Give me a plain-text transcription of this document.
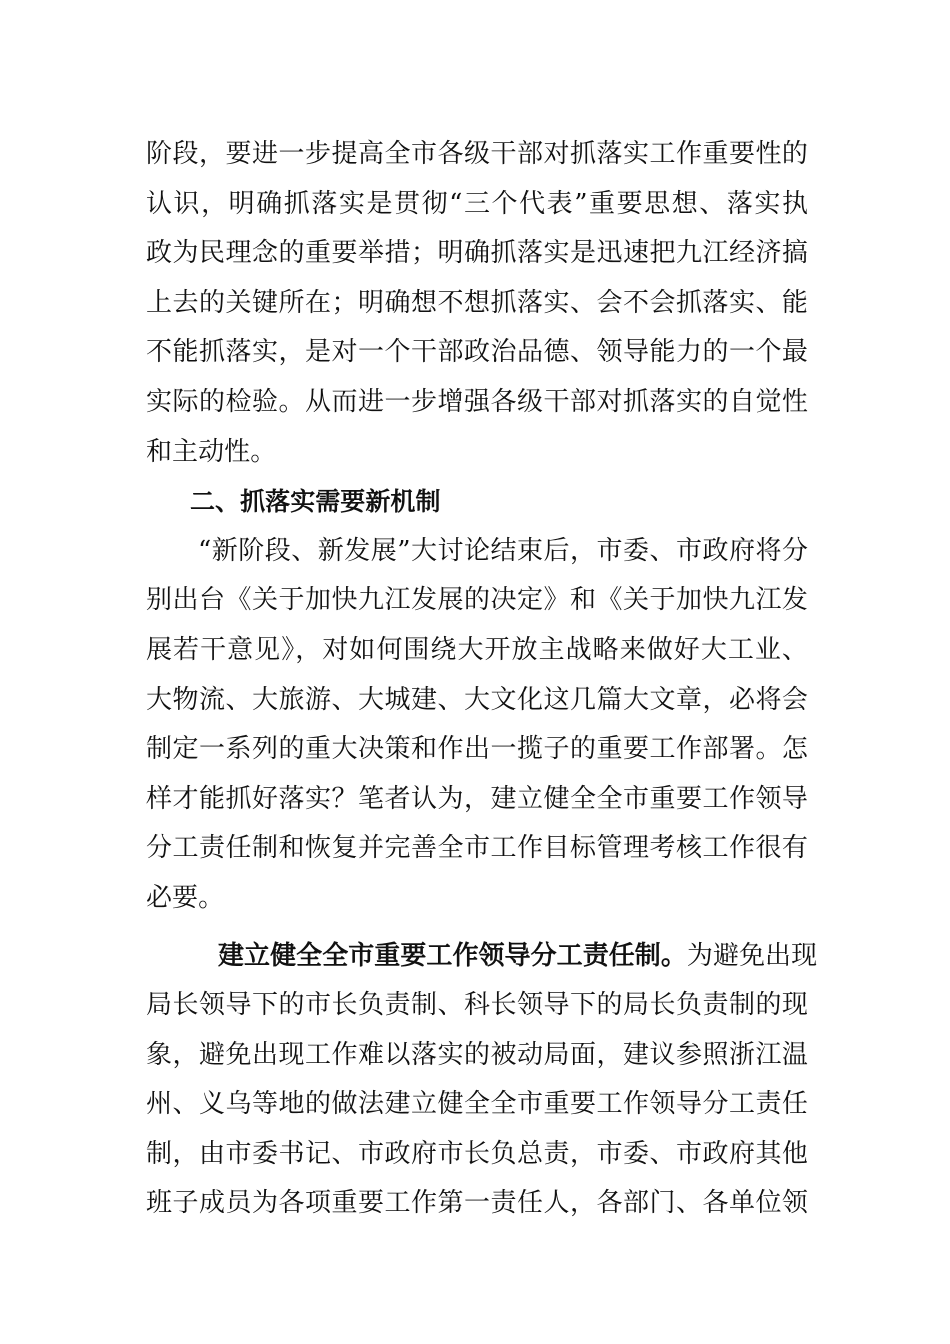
阶段，要进一步提高全市各级干部对抓落实工作重要性的
认识，明确抓落实是贯彻“三个代表”重要思想、落实执
政为民理念的重要举措；明确抓落实是迅速把九江经济搞
上去的关键所在；明确想不想抓落实、会不会抓落实、能
不能抓落实，是对一个干部政治品德、领导能力的一个最
实际的检验。从而进一步增强各级干部对抓落实的自觉性
和主动性。
二、抓落实需要新机制
“新阶段、新发展”大讨论结束后，市委、市政府将分
别出台《关于加快九江发展的决定》和《关于加快九江发
展若干意见》，对如何围绕大开放主战略来做好大工业、
大物流、大旅游、大城建、大文化这几篇大文章，必将会
制定一系列的重大决策和作出一揽子的重要工作部署。怎
样才能抓好落实？笔者认为，建立健全全市重要工作领导
分工责任制和恢复并完善全市工作目标管理考核工作很有
必要。
建立健全全市重要工作领导分工责任制。为避免出现
局长领导下的市长负责制、科长领导下的局长负责制的现
象，避免出现工作难以落实的被动局面，建议参照浙江温
州、义乌等地的做法建立健全全市重要工作领导分工责任
制，由市委书记、市政府市长负总责，市委、市政府其他
班子成员为各项重要工作第一责任人，各部门、各单位领
